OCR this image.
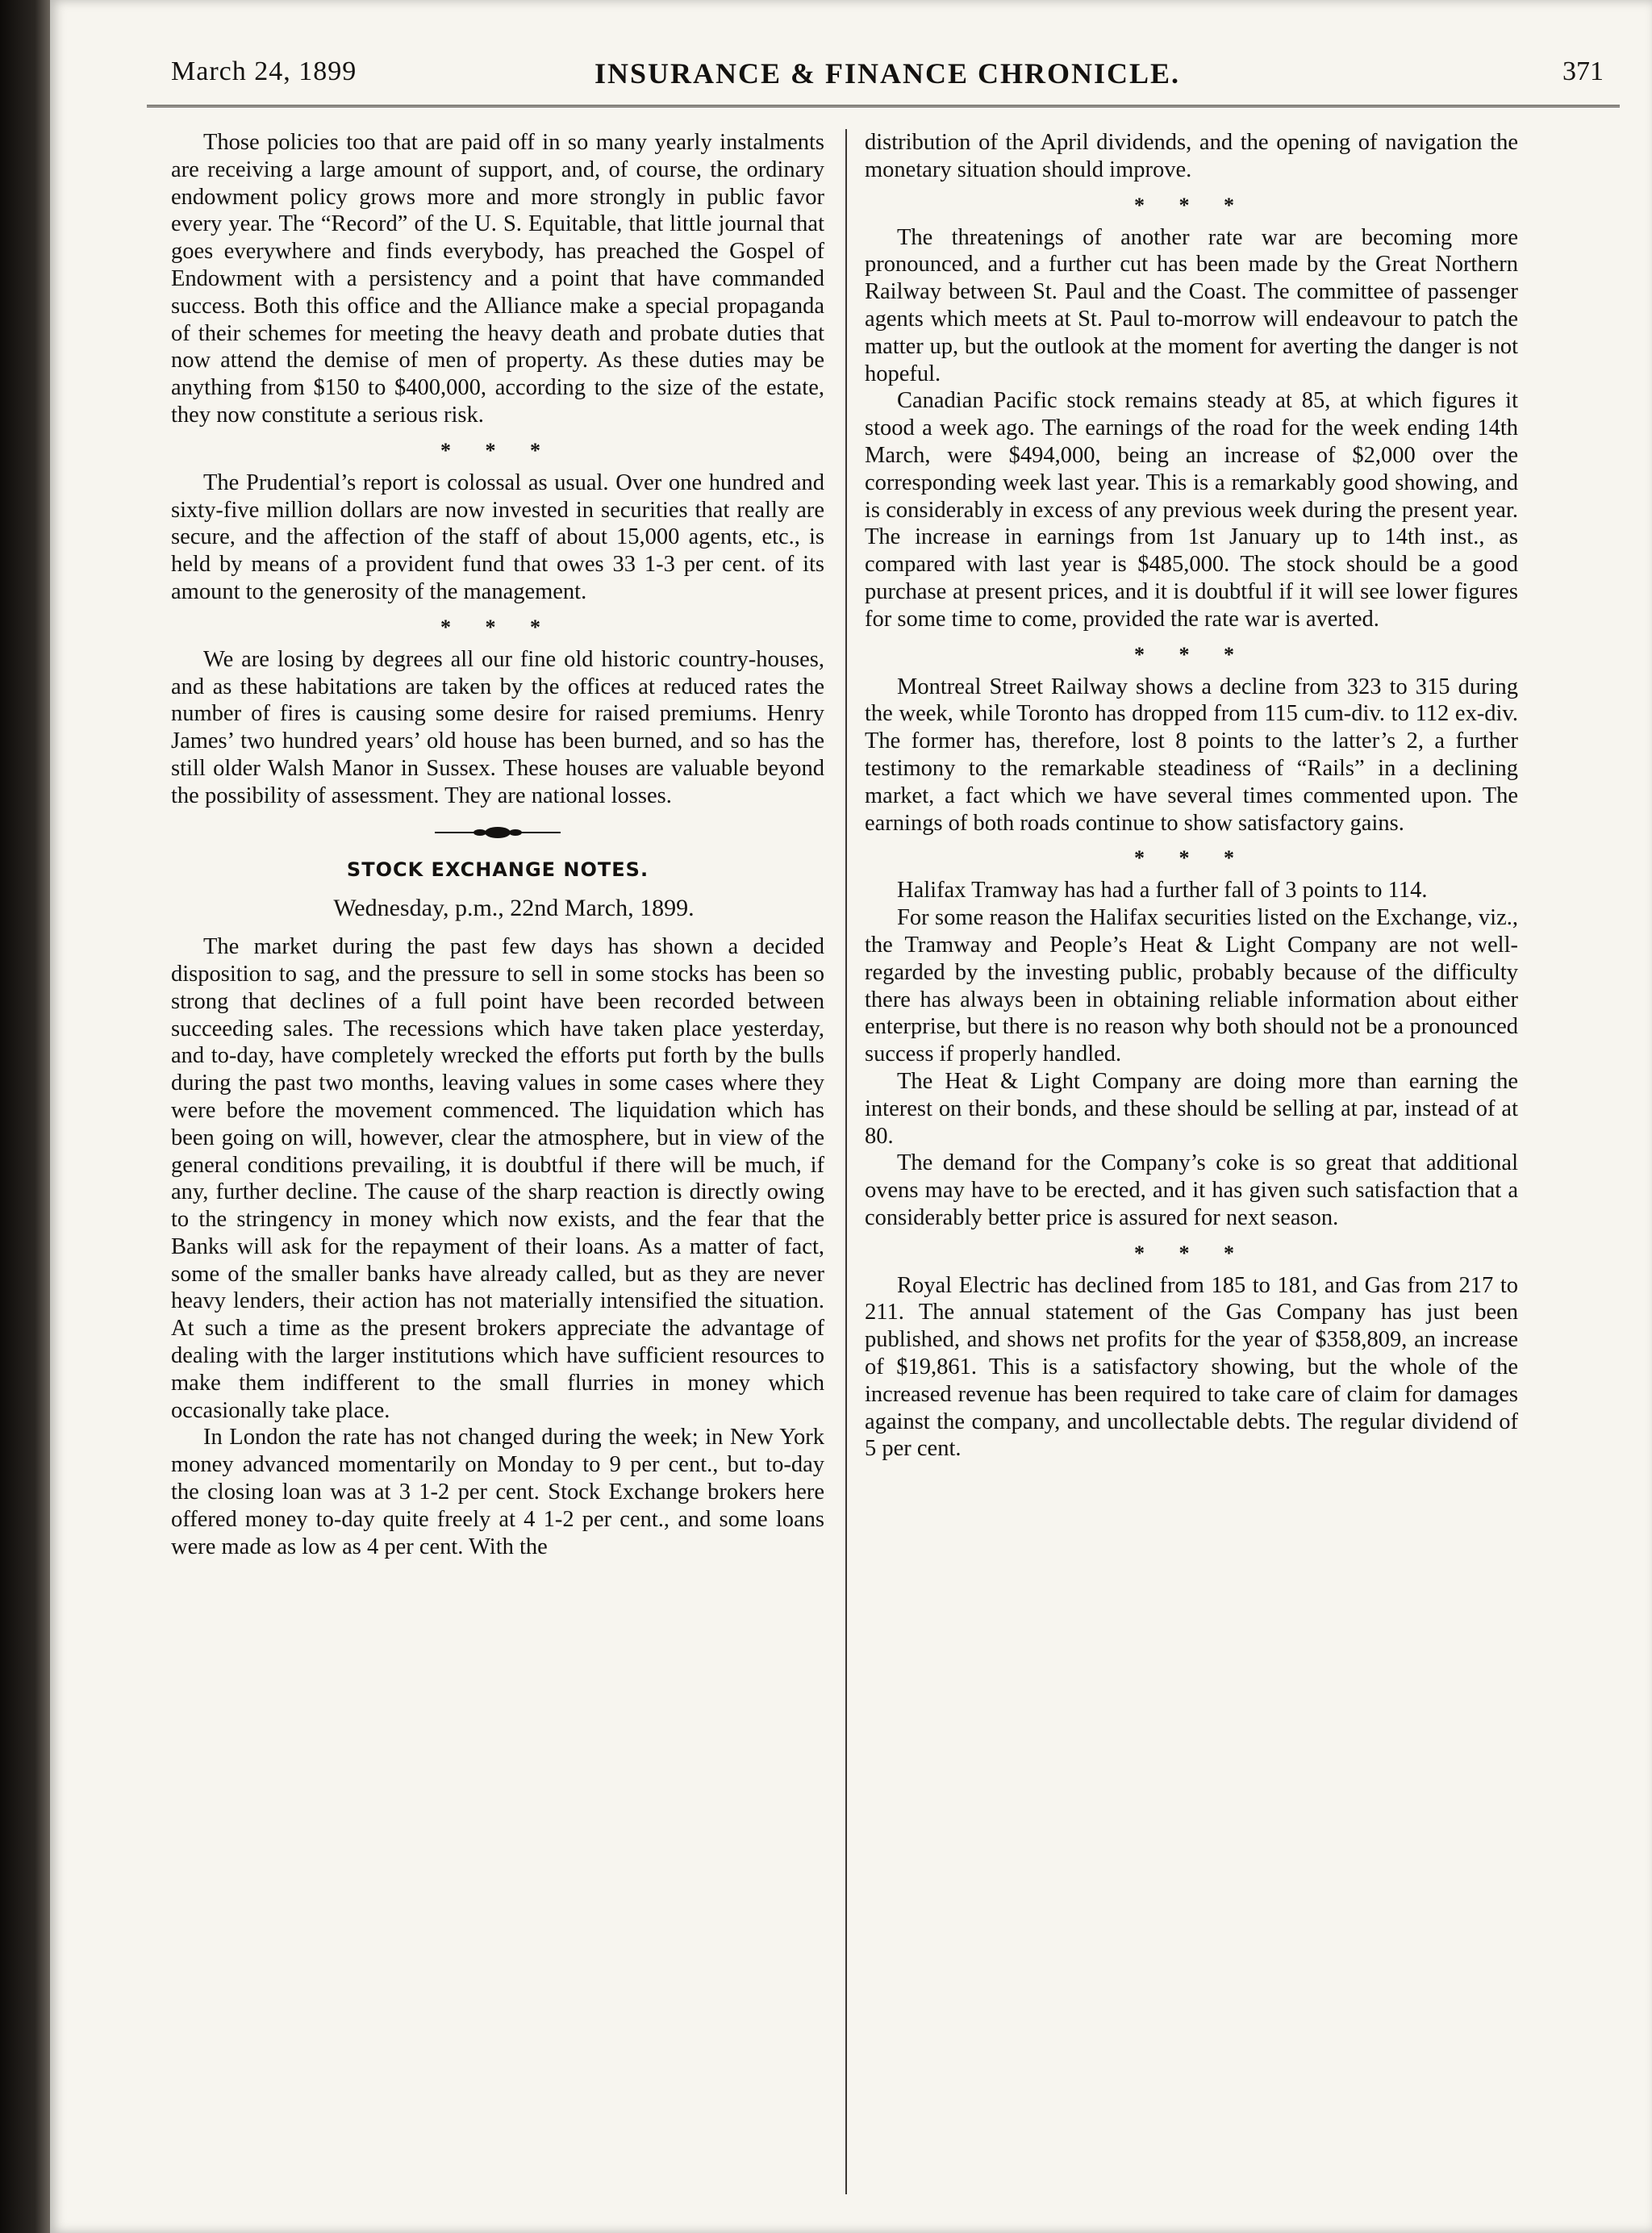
March 24, 1899	INSURANCE & FINANCE CHRONICLE.	371

Those policies too that are paid off in so many yearly instalments are receiving a large amount of support, and, of course, the ordinary endowment policy grows more and more strongly in public favor every year. The “Record” of the U. S. Equitable, that little journal that goes everywhere and finds everybody, has preached the Gospel of Endowment with a persistency and a point that have commanded success. Both this office and the Alliance make a special propaganda of their schemes for meeting the heavy death and probate duties that now attend the demise of men of property. As these duties may be anything from $150 to $400,000, according to the size of the estate, they now constitute a serious risk.

* * *

The Prudential’s report is colossal as usual. Over one hundred and sixty-five million dollars are now invested in securities that really are secure, and the affection of the staff of about 15,000 agents, etc., is held by means of a provident fund that owes 33 1-3 per cent. of its amount to the generosity of the management.

* * *

We are losing by degrees all our fine old historic country-houses, and as these habitations are taken by the offices at reduced rates the number of fires is causing some desire for raised premiums. Henry James’ two hundred years’ old house has been burned, and so has the still older Walsh Manor in Sussex. These houses are valuable beyond the possibility of assessment. They are national losses.

STOCK EXCHANGE NOTES.
Wednesday, p.m., 22nd March, 1899.

The market during the past few days has shown a decided disposition to sag, and the pressure to sell in some stocks has been so strong that declines of a full point have been recorded between succeeding sales. The recessions which have taken place yesterday, and to-day, have completely wrecked the efforts put forth by the bulls during the past two months, leaving values in some cases where they were before the movement commenced. The liquidation which has been going on will, however, clear the atmosphere, but in view of the general conditions prevailing, it is doubtful if there will be much, if any, further decline. The cause of the sharp reaction is directly owing to the stringency in money which now exists, and the fear that the Banks will ask for the repayment of their loans. As a matter of fact, some of the smaller banks have already called, but as they are never heavy lenders, their action has not materially intensified the situation. At such a time as the present brokers appreciate the advantage of dealing with the larger institutions which have sufficient resources to make them indifferent to the small flurries in money which occasionally take place.

In London the rate has not changed during the week; in New York money advanced momentarily on Monday to 9 per cent., but to-day the closing loan was at 3 1-2 per cent. Stock Exchange brokers here offered money to-day quite freely at 4 1-2 per cent., and some loans were made as low as 4 per cent. With the

distribution of the April dividends, and the opening of navigation the monetary situation should improve.

* * *

The threatenings of another rate war are becoming more pronounced, and a further cut has been made by the Great Northern Railway between St. Paul and the Coast. The committee of passenger agents which meets at St. Paul to-morrow will endeavour to patch the matter up, but the outlook at the moment for averting the danger is not hopeful.

Canadian Pacific stock remains steady at 85, at which figures it stood a week ago. The earnings of the road for the week ending 14th March, were $494,000, being an increase of $2,000 over the corresponding week last year. This is a remarkably good showing, and is considerably in excess of any previous week during the present year. The increase in earnings from 1st January up to 14th inst., as compared with last year is $485,000. The stock should be a good purchase at present prices, and it is doubtful if it will see lower figures for some time to come, provided the rate war is averted.

* * *

Montreal Street Railway shows a decline from 323 to 315 during the week, while Toronto has dropped from 115 cum-div. to 112 ex-div. The former has, therefore, lost 8 points to the latter’s 2, a further testimony to the remarkable steadiness of “Rails” in a declining market, a fact which we have several times commented upon. The earnings of both roads continue to show satisfactory gains.

* * *

Halifax Tramway has had a further fall of 3 points to 114.

For some reason the Halifax securities listed on the Exchange, viz., the Tramway and People’s Heat & Light Company are not well-regarded by the investing public, probably because of the difficulty there has always been in obtaining reliable information about either enterprise, but there is no reason why both should not be a pronounced success if properly handled.

The Heat & Light Company are doing more than earning the interest on their bonds, and these should be selling at par, instead of at 80.

The demand for the Company’s coke is so great that additional ovens may have to be erected, and it has given such satisfaction that a considerably better price is assured for next season.

* * *

Royal Electric has declined from 185 to 181, and Gas from 217 to 211. The annual statement of the Gas Company has just been published, and shows net profits for the year of $358,809, an increase of $19,861. This is a satisfactory showing, but the whole of the increased revenue has been required to take care of claim for damages against the company, and uncollectable debts. The regular dividend of 5 per cent.
